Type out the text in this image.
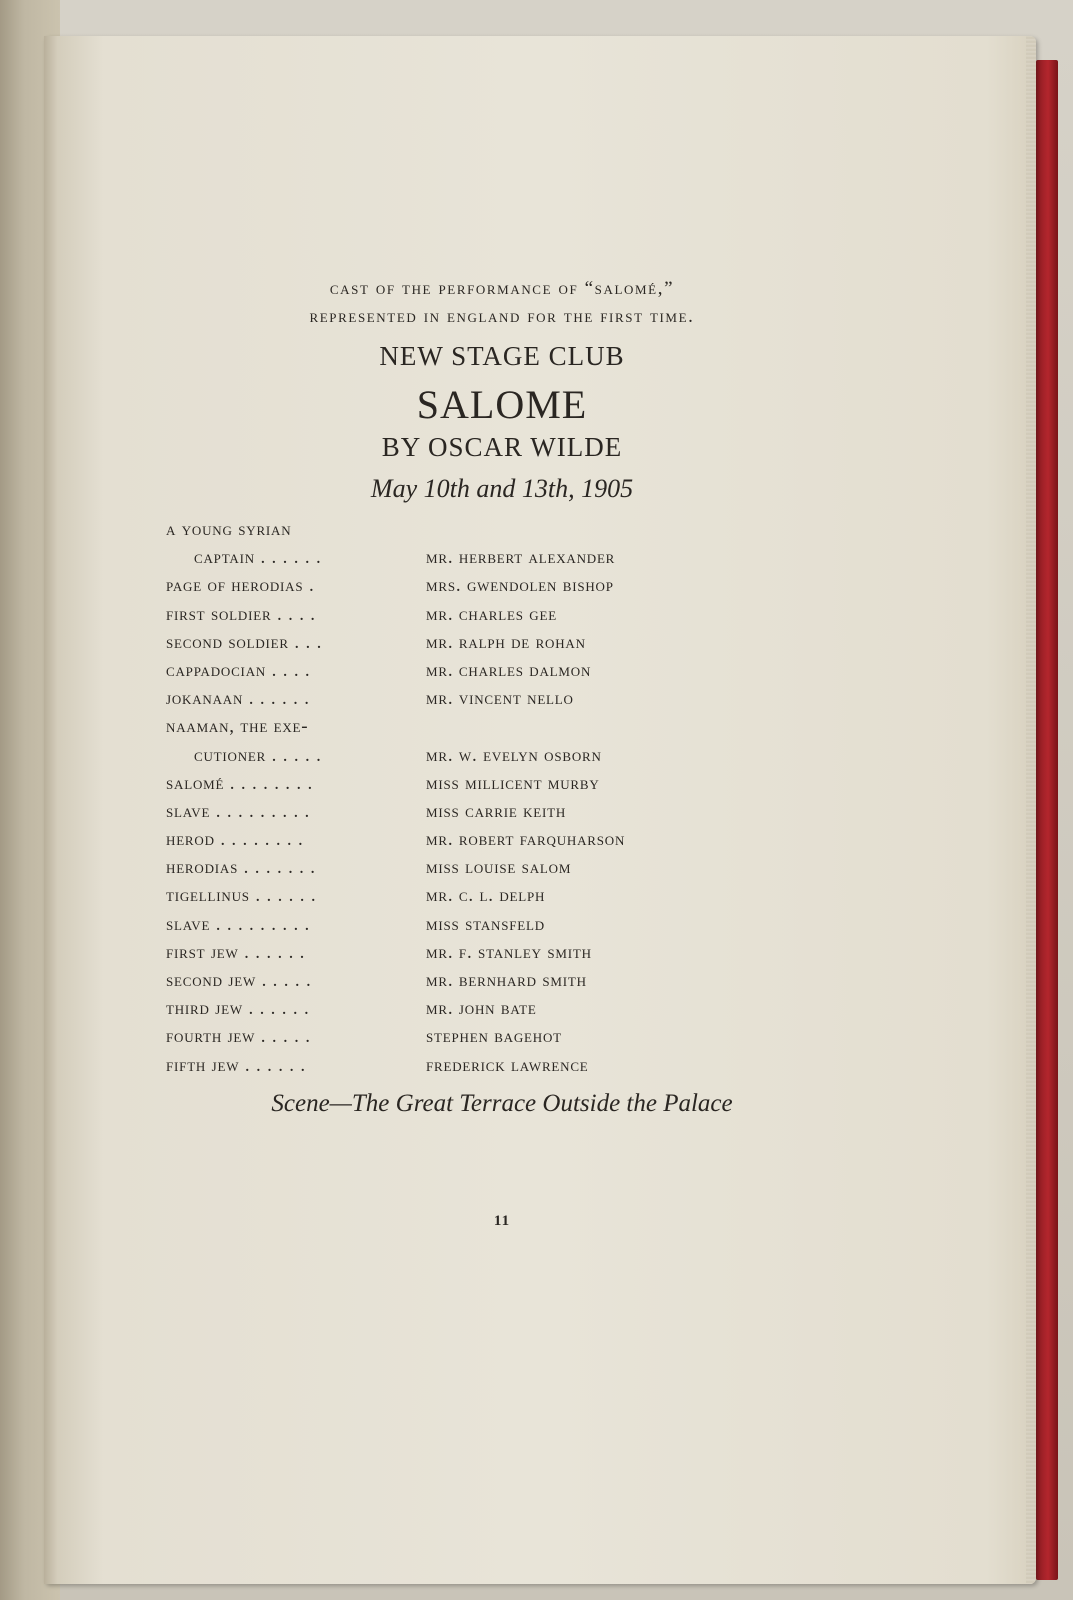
cast of the performance of “salomé,”
represented in england for the first time.
NEW STAGE CLUB
SALOME
BY OSCAR WILDE
May 10th and 13th, 1905
a young syrian
captain . . . . . .	mr. herbert alexander
page of herodias .	mrs. gwendolen bishop
first soldier . . . .	mr. charles gee
second soldier . . .	mr. ralph de rohan
cappadocian . . . .	mr. charles dalmon
jokanaan . . . . . .	mr. vincent nello
naaman, the exe-
cutioner . . . . .	mr. w. evelyn osborn
salomé . . . . . . . .	miss millicent murby
slave . . . . . . . . .	miss carrie keith
herod . . . . . . . .	mr. robert farquharson
herodias . . . . . . .	miss louise salom
tigellinus . . . . . .	mr. c. l. delph
slave . . . . . . . . .	miss stansfeld
first jew . . . . . .	mr. f. stanley smith
second jew . . . . .	mr. bernhard smith
third jew . . . . . .	mr. john bate
fourth jew . . . . .	stephen bagehot
fifth jew . . . . . .	frederick lawrence
Scene—The Great Terrace Outside the Palace
11
